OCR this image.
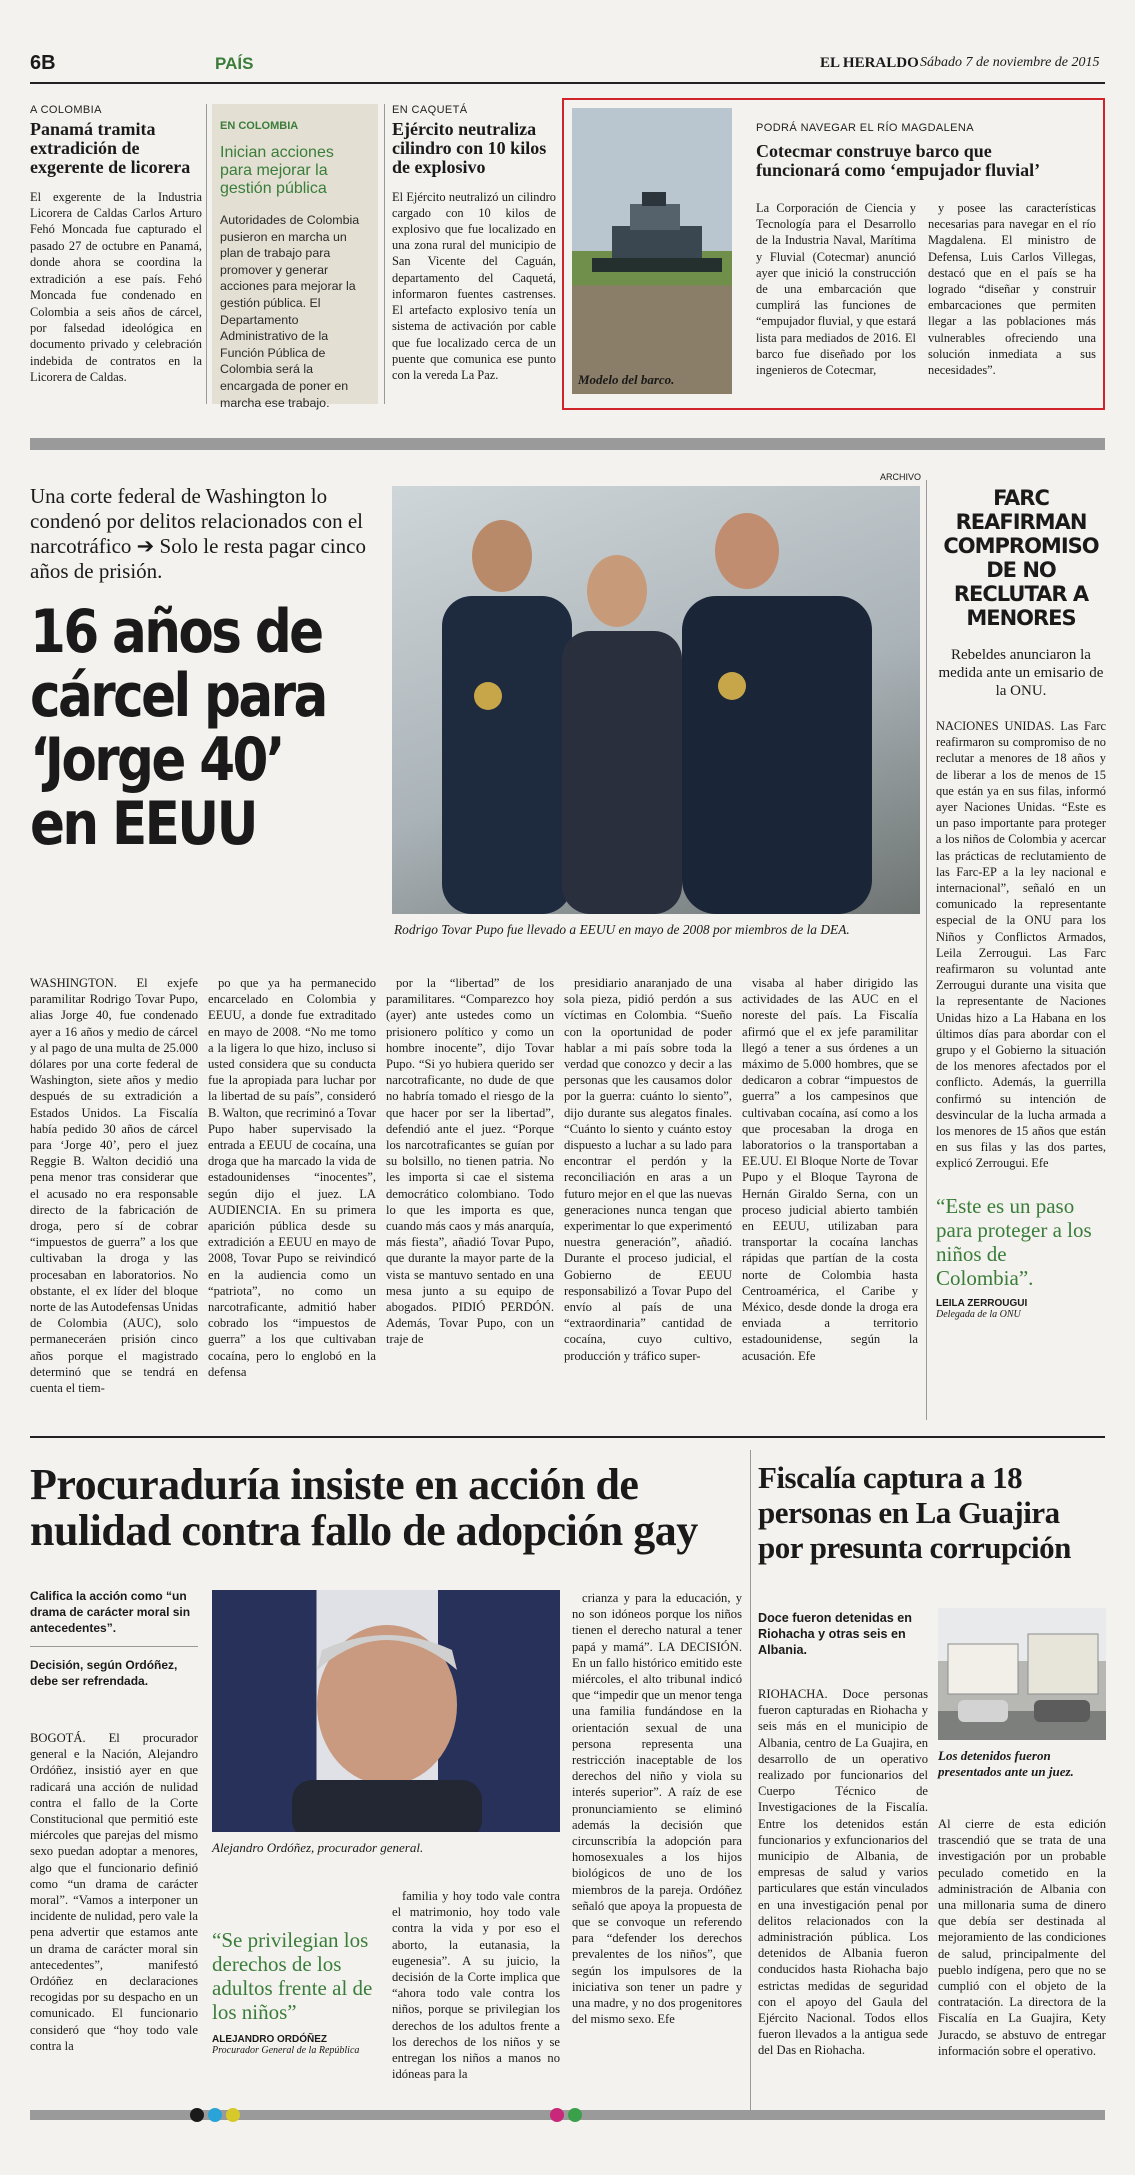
6B	PAÍS	EL HERALDO Sábado 7 de noviembre de 2015
A COLOMBIA
Panamá tramita extradición de exgerente de licorera

El exgerente de la Industria Licorera de Caldas Carlos Arturo Fehó Moncada fue capturado el pasado 27 de octubre en Panamá, donde ahora se coordina la extradición a ese país. Fehó Moncada fue condenado en Colombia a seis años de cárcel, por falsedad ideológica en documento privado y celebración indebida de contratos en la Licorera de Caldas.

EN COLOMBIA
Inician acciones para mejorar la gestión pública

Autoridades de Colombia pusieron en marcha un plan de trabajo para promover y generar acciones para mejorar la gestión pública. El Departamento Administrativo de la Función Pública de Colombia será la encargada de poner en marcha ese trabajo.

EN CAQUETÁ
Ejército neutraliza cilindro con 10 kilos de explosivo

El Ejército neutralizó un cilindro cargado con 10 kilos de explosivo que fue localizado en una zona rural del municipio de San Vicente del Caguán, departamento del Caquetá, informaron fuentes castrenses. El artefacto explosivo tenía un sistema de activación por cable que fue localizado cerca de un puente que comunica ese punto con la vereda La Paz.	Modelo del barco.
PODRÁ NAVEGAR EL RÍO MAGDALENA
Cotecmar construye barco que funcionará como ‘empujador fluvial’

La Corporación de Ciencia y Tecnología para el Desarrollo de la Industria Naval, Marítima y Fluvial (Cotecmar) anunció ayer que inició la construcción de una embarcación que cumplirá las funciones de “empujador fluvial, y que estará lista para mediados de 2016. El barco fue diseñado por los ingenieros de Cotecmar,

y posee las características necesarias para navegar en el río Magdalena. El ministro de Defensa, Luis Carlos Villegas, destacó que en el país se ha logrado “diseñar y construir embarcaciones que permiten llegar a las poblaciones más vulnerables ofreciendo una solución inmediata a sus necesidades”.

Una corte federal de Washington lo condenó por delitos relacionados con el narcotráfico ➔ Solo le resta pagar cinco años de prisión.
16 años de cárcel para ‘Jorge 40’ en EEUU
ARCHIVO
Rodrigo Tovar Pupo fue llevado a EEUU en mayo de 2008 por miembros de la DEA.

WASHINGTON. El exjefe paramilitar Rodrigo Tovar Pupo, alias Jorge 40, fue condenado ayer a 16 años y medio de cárcel y al pago de una multa de 25.000 dólares por una corte federal de Washington, siete años y medio después de su extradición a Estados Unidos. La Fiscalía había pedido 30 años de cárcel para ‘Jorge 40’, pero el juez Reggie B. Walton decidió una pena menor tras considerar que el acusado no era responsable directo de la fabricación de droga, pero sí de cobrar “impuestos de guerra” a los que cultivaban la droga y las procesaban en laboratorios. No obstante, el ex líder del bloque norte de las Autodefensas Unidas de Colombia (AUC), solo permaneceráen prisión cinco años porque el magistrado determinó que se tendrá en cuenta el tiem-

po que ya ha permanecido encarcelado en Colombia y EEUU, a donde fue extraditado en mayo de 2008. “No me tomo a la ligera lo que hizo, incluso si usted considera que su conducta fue la apropiada para luchar por la libertad de su país”, consideró B. Walton, que recriminó a Tovar Pupo haber supervisado la entrada a EEUU de cocaína, una droga que ha marcado la vida de estadounidenses “inocentes”, según dijo el juez. LA AUDIENCIA. En su primera aparición pública desde su extradición a EEUU en mayo de 2008, Tovar Pupo se reivindicó en la audiencia como un “patriota”, no como un narcotraficante, admitió haber cobrado los “impuestos de guerra” a los que cultivaban cocaína, pero lo englobó en la defensa

por la “libertad” de los paramilitares. “Comparezco hoy (ayer) ante ustedes como un prisionero político y como un hombre inocente”, dijo Tovar Pupo. “Si yo hubiera querido ser narcotraficante, no dude de que no habría tomado el riesgo de la que hacer por ser la libertad”, defendió ante el juez. “Porque los narcotraficantes se guían por su bolsillo, no tienen patria. No les importa si cae el sistema democrático colombiano. Todo lo que les importa es que, cuando más caos y más anarquía, más fiesta”, añadió Tovar Pupo, que durante la mayor parte de la vista se mantuvo sentado en una mesa junto a su equipo de abogados. PIDIÓ PERDÓN. Además, Tovar Pupo, con un traje de

presidiario anaranjado de una sola pieza, pidió perdón a sus víctimas en Colombia. “Sueño con la oportunidad de poder hablar a mi país sobre toda la verdad que conozco y decir a las personas que les causamos dolor por la guerra: cuánto lo siento”, dijo durante sus alegatos finales. “Cuánto lo siento y cuánto estoy dispuesto a luchar a su lado para encontrar el perdón y la reconciliación en aras a un futuro mejor en el que las nuevas generaciones nunca tengan que experimentar lo que experimentó nuestra generación”, añadió. Durante el proceso judicial, el Gobierno de EEUU responsabilizó a Tovar Pupo del envío al país de una “extraordinaria” cantidad de cocaína, cuyo cultivo, producción y tráfico super-

visaba al haber dirigido las actividades de las AUC en el noreste del país. La Fiscalía afirmó que el ex jefe paramilitar llegó a tener a sus órdenes a un máximo de 5.000 hombres, que se dedicaron a cobrar “impuestos de guerra” a los campesinos que cultivaban cocaína, así como a los que procesaban la droga en laboratorios o la transportaban a EE.UU. El Bloque Norte de Tovar Pupo y el Bloque Tayrona de Hernán Giraldo Serna, con un proceso judicial abierto también en EEUU, utilizaban para transportar la cocaína lanchas rápidas que partían de la costa norte de Colombia hasta Centroamérica, el Caribe y México, desde donde la droga era enviada a territorio estadounidense, según la acusación. Efe

FARC REAFIRMAN COMPROMISO DE NO RECLUTAR A MENORES
Rebeldes anunciaron la medida ante un emisario de la ONU.

NACIONES UNIDAS. Las Farc reafirmaron su compromiso de no reclutar a menores de 18 años y de liberar a los de menos de 15 que están ya en sus filas, informó ayer Naciones Unidas. “Este es un paso importante para proteger a los niños de Colombia y acercar las prácticas de reclutamiento de las Farc-EP a la ley nacional e internacional”, señaló en un comunicado la representante especial de la ONU para los Niños y Conflictos Armados, Leila Zerrougui. Las Farc reafirmaron su voluntad ante Zerrougui durante una visita que la representante de Naciones Unidas hizo a La Habana en los últimos días para abordar con el grupo y el Gobierno la situación de los menores afectados por el conflicto. Además, la guerrilla confirmó su intención de desvincular de la lucha armada a los menores de 15 años que están en sus filas y las dos partes, explicó Zerrougui. Efe

“Este es un paso para proteger a los niños de Colombia”.
LEILA ZERROUGUI
Delegada de la ONU
Procuraduría insiste en acción de nulidad contra fallo de adopción gay
Califica la acción como “un drama de carácter moral sin antecedentes”.
Decisión, según Ordóñez, debe ser refrendada.
Alejandro Ordóñez, procurador general.

BOGOTÁ. El procurador general e la Nación, Alejandro Ordóñez, insistió ayer en que radicará una acción de nulidad contra el fallo de la Corte Constitucional que permitió este miércoles que parejas del mismo sexo puedan adoptar a menores, algo que el funcionario definió como “un drama de carácter moral”. “Vamos a interponer un incidente de nulidad, pero vale la pena advertir que estamos ante un drama de carácter moral sin antecedentes”, manifestó Ordóñez en declaraciones recogidas por su despacho en un comunicado. El funcionario consideró que “hoy todo vale contra la

familia y hoy todo vale contra el matrimonio, hoy todo vale contra la vida y por eso el aborto, la eutanasia, la eugenesia”. A su juicio, la decisión de la Corte implica que “ahora todo vale contra los niños, porque se privilegian los derechos de los adultos frente a los derechos de los niños y se entregan los niños a manos no idóneas para la

crianza y para la educación, y no son idóneos porque los niños tienen el derecho natural a tener papá y mamá”. LA DECISIÓN. En un fallo histórico emitido este miércoles, el alto tribunal indicó que “impedir que un menor tenga una familia fundándose en la orientación sexual de una persona representa una restricción inaceptable de los derechos del niño y viola su interés superior”. A raíz de ese pronunciamiento se eliminó además la decisión que circunscribía la adopción para homosexuales a los hijos biológicos de uno de los miembros de la pareja. Ordóñez señaló que apoya la propuesta de que se convoque un referendo para “defender los derechos prevalentes de los niños”, que según los impulsores de la iniciativa son tener un padre y una madre, y no dos progenitores del mismo sexo. Efe

“Se privilegian los derechos de los adultos frente al de los niños”
ALEJANDRO ORDÓÑEZ
Procurador General de la República
Fiscalía captura a 18 personas en La Guajira por presunta corrupción
Doce fueron detenidas en Riohacha y otras seis en Albania.

RIOHACHA. Doce personas fueron capturadas en Riohacha y seis más en el municipio de Albania, centro de La Guajira, en desarrollo de un operativo realizado por funcionarios del Cuerpo Técnico de Investigaciones de la Fiscalía. Entre los detenidos están funcionarios y exfuncionarios del municipio de Albania, de empresas de salud y varios particulares que están vinculados en una investigación penal por delitos relacionados con la administración pública. Los detenidos de Albania fueron conducidos hasta Riohacha bajo estrictas medidas de seguridad con el apoyo del Gaula del Ejército Nacional. Todos ellos fueron llevados a la antigua sede del Das en Riohacha.

Los detenidos fueron presentados ante un juez.

Al cierre de esta edición trascendió que se trata de una investigación por un probable peculado cometido en la administración de Albania con una millonaria suma de dinero que debía ser destinada al mejoramiento de las condiciones de salud, principalmente del pueblo indígena, pero que no se cumplió con el objeto de la contratación. La directora de la Fiscalía en La Guajira, Kety Juracdo, se abstuvo de entregar información sobre el operativo.
